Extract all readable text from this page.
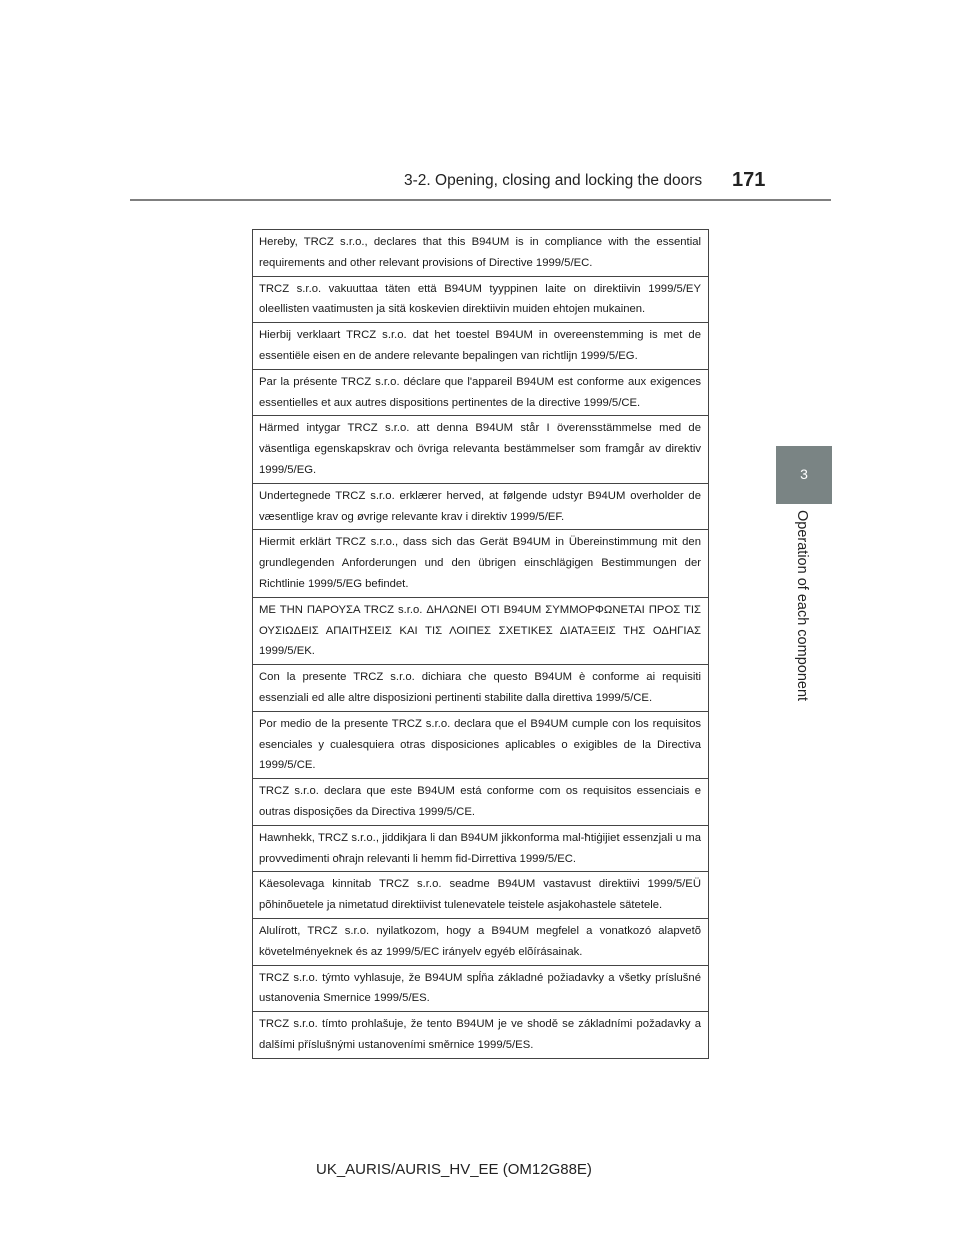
3-2. Opening, closing and locking the doors 171
3
Operation of each component
Hereby, TRCZ s.r.o., declares that this B94UM is in compliance with the essential requirements and other relevant provisions of Directive 1999/5/EC.
TRCZ s.r.o. vakuuttaa täten että B94UM tyyppinen laite on direktiivin 1999/5/EY oleellisten vaatimusten ja sitä koskevien direktiivin muiden ehtojen mukainen.
Hierbij verklaart TRCZ s.r.o. dat het toestel B94UM in overeenstemming is met de essentiële eisen en de andere relevante bepalingen van richtlijn 1999/5/EG.
Par la présente TRCZ s.r.o. déclare que l'appareil B94UM est conforme aux exigences essentielles et aux autres dispositions pertinentes de la directive 1999/5/CE.
Härmed intygar TRCZ s.r.o. att denna B94UM står I överensstämmelse med de väsentliga egenskapskrav och övriga relevanta bestämmelser som framgår av direktiv 1999/5/EG.
Undertegnede TRCZ s.r.o. erklærer herved, at følgende udstyr B94UM overholder de væsentlige krav og øvrige relevante krav i direktiv 1999/5/EF.
Hiermit erklärt TRCZ s.r.o., dass sich das Gerät B94UM in Übereinstimmung mit den grundlegenden Anforderungen und den übrigen einschlägigen Bestimmungen der Richtlinie 1999/5/EG befindet.
ΜΕ ΤΗΝ ΠΑΡΟΥΣΑ TRCZ s.r.o. ΔΗΛΩΝΕΙ ΟΤΙ B94UM ΣΥΜΜΟΡΦΩΝΕΤΑΙ ΠΡΟΣ ΤΙΣ ΟΥΣΙΩΔΕΙΣ ΑΠΑΙΤΗΣΕΙΣ ΚΑΙ ΤΙΣ ΛΟΙΠΕΣ ΣΧΕΤΙΚΕΣ ΔΙΑΤΑΞΕΙΣ ΤΗΣ ΟΔΗΓΙΑΣ 1999/5/ΕΚ.
Con la presente TRCZ s.r.o. dichiara che questo B94UM è conforme ai requisiti essenziali ed alle altre disposizioni pertinenti stabilite dalla direttiva 1999/5/CE.
Por medio de la presente TRCZ s.r.o. declara que el B94UM cumple con los requisitos esenciales y cualesquiera otras disposiciones aplicables o exigibles de la Directiva 1999/5/CE.
TRCZ s.r.o. declara que este B94UM está conforme com os requisitos essenciais e outras disposições da Directiva 1999/5/CE.
Hawnhekk, TRCZ s.r.o., jiddikjara li dan B94UM jikkonforma mal-ħtiġijiet essenzjali u ma provvedimenti oħrajn relevanti li hemm fid-Dirrettiva 1999/5/EC.
Käesolevaga kinnitab TRCZ s.r.o. seadme B94UM vastavust direktiivi 1999/5/EÜ põhinõuetele ja nimetatud direktiivist tulenevatele teistele asjakohastele sätetele.
Alulírott, TRCZ s.r.o. nyilatkozom, hogy a B94UM megfelel a vonatkozó alapvetõ követelményeknek és az 1999/5/EC irányelv egyéb elõírásainak.
TRCZ s.r.o. týmto vyhlasuje, že B94UM spĺňa základné požiadavky a všetky príslušné ustanovenia Smernice 1999/5/ES.
TRCZ s.r.o. tímto prohlašuje, že tento B94UM je ve shodě se základními požadavky a dalšími příslušnými ustanoveními směrnice 1999/5/ES.
UK_AURIS/AURIS_HV_EE (OM12G88E)
